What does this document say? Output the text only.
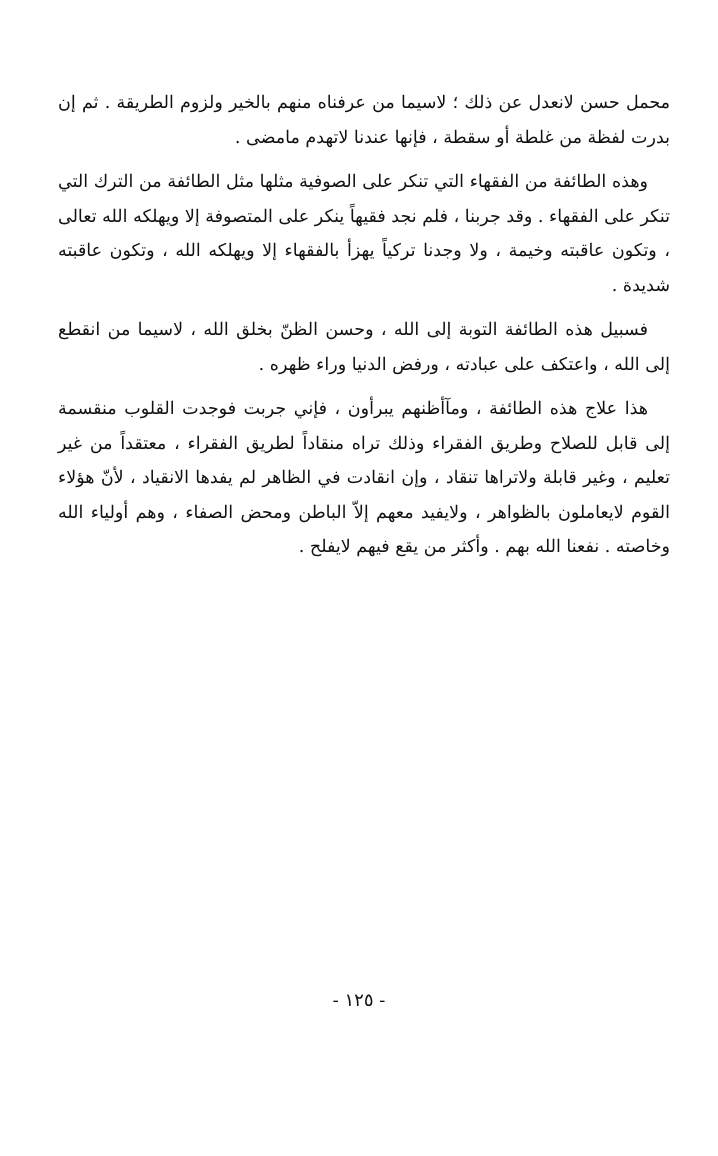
محمل حسن لانعدل عن ذلك ؛ لاسيما من عرفناه منهم بالخير ولزوم الطريقة . ثم إن بدرت لفظة من غلطة أو سقطة ، فإنها عندنا لاتهدم مامضى .

وهذه الطائفة من الفقهاء التي تنكر على الصوفية مثلها مثل الطائفة من الترك التي تنكر على الفقهاء . وقد جربنا ، فلم نجد فقيهاً ينكر على المتصوفة إلا ويهلكه الله تعالى ، وتكون عاقبته وخيمة ، ولا وجدنا تركياً يهزأ بالفقهاء إلا ويهلكه الله ، وتكون عاقبته شديدة .

فسبيل هذه الطائفة التوبة إلى الله ، وحسن الظنّ بخلق الله ، لاسيما من انقطع إلى الله ، واعتكف على عبادته ، ورفض الدنيا وراء ظهره .

هذا علاج هذه الطائفة ، ومآأظنهم يبرأون ، فإني جربت فوجدت القلوب منقسمة إلى قابل للصلاح وطريق الفقراء وذلك تراه منقاداً لطريق الفقراء ، معتقداً من غير تعليم ، وغير قابلة ولاتراها تنقاد ، وإن انقادت في الظاهر لم يفدها الانقياد ، لأنّ هؤلاء القوم لايعاملون بالظواهر ، ولايفيد معهم إلاّ الباطن ومحض الصفاء ، وهم أولياء الله وخاصته . نفعنا الله بهم . وأكثر من يقع فيهم لايفلح .

- ١٢٥ -
